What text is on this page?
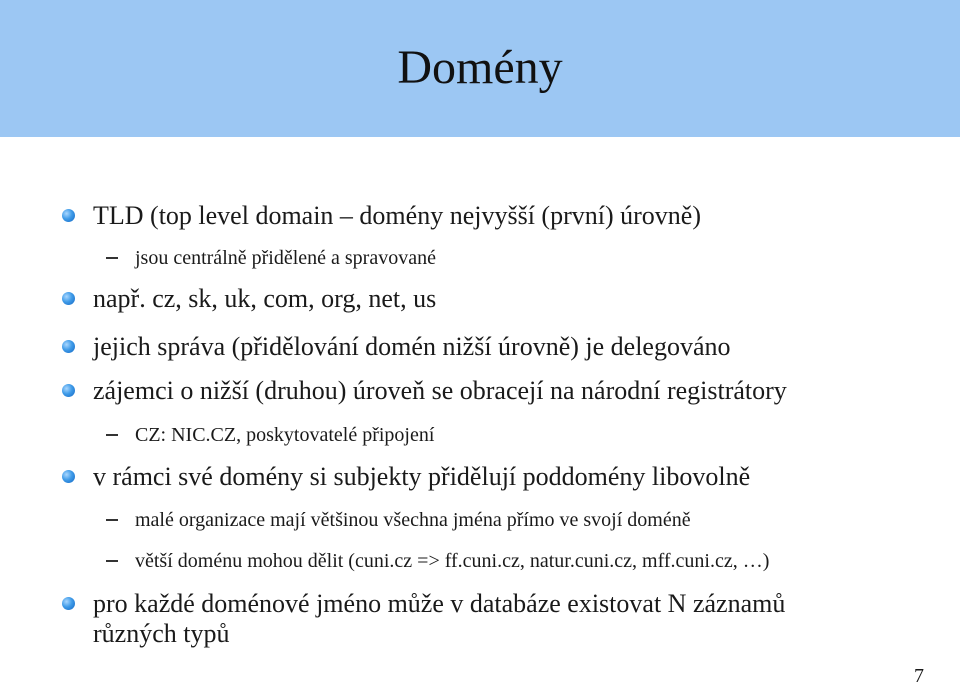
Domény
TLD (top level domain – domény nejvyšší (první) úrovně)
jsou centrálně přidělené a spravované
např. cz, sk, uk, com, org, net, us
jejich správa (přidělování domén nižší úrovně) je delegováno
zájemci o nižší (druhou) úroveň se obracejí na národní registrátory
CZ: NIC.CZ, poskytovatelé připojení
v rámci své domény si subjekty přidělují poddomény libovolně
malé organizace mají většinou všechna jména přímo ve svojí doméně
větší doménu mohou dělit (cuni.cz => ff.cuni.cz, natur.cuni.cz, mff.cuni.cz, …)
pro každé doménové jméno může v databáze existovat N záznamů
různých typů
7
